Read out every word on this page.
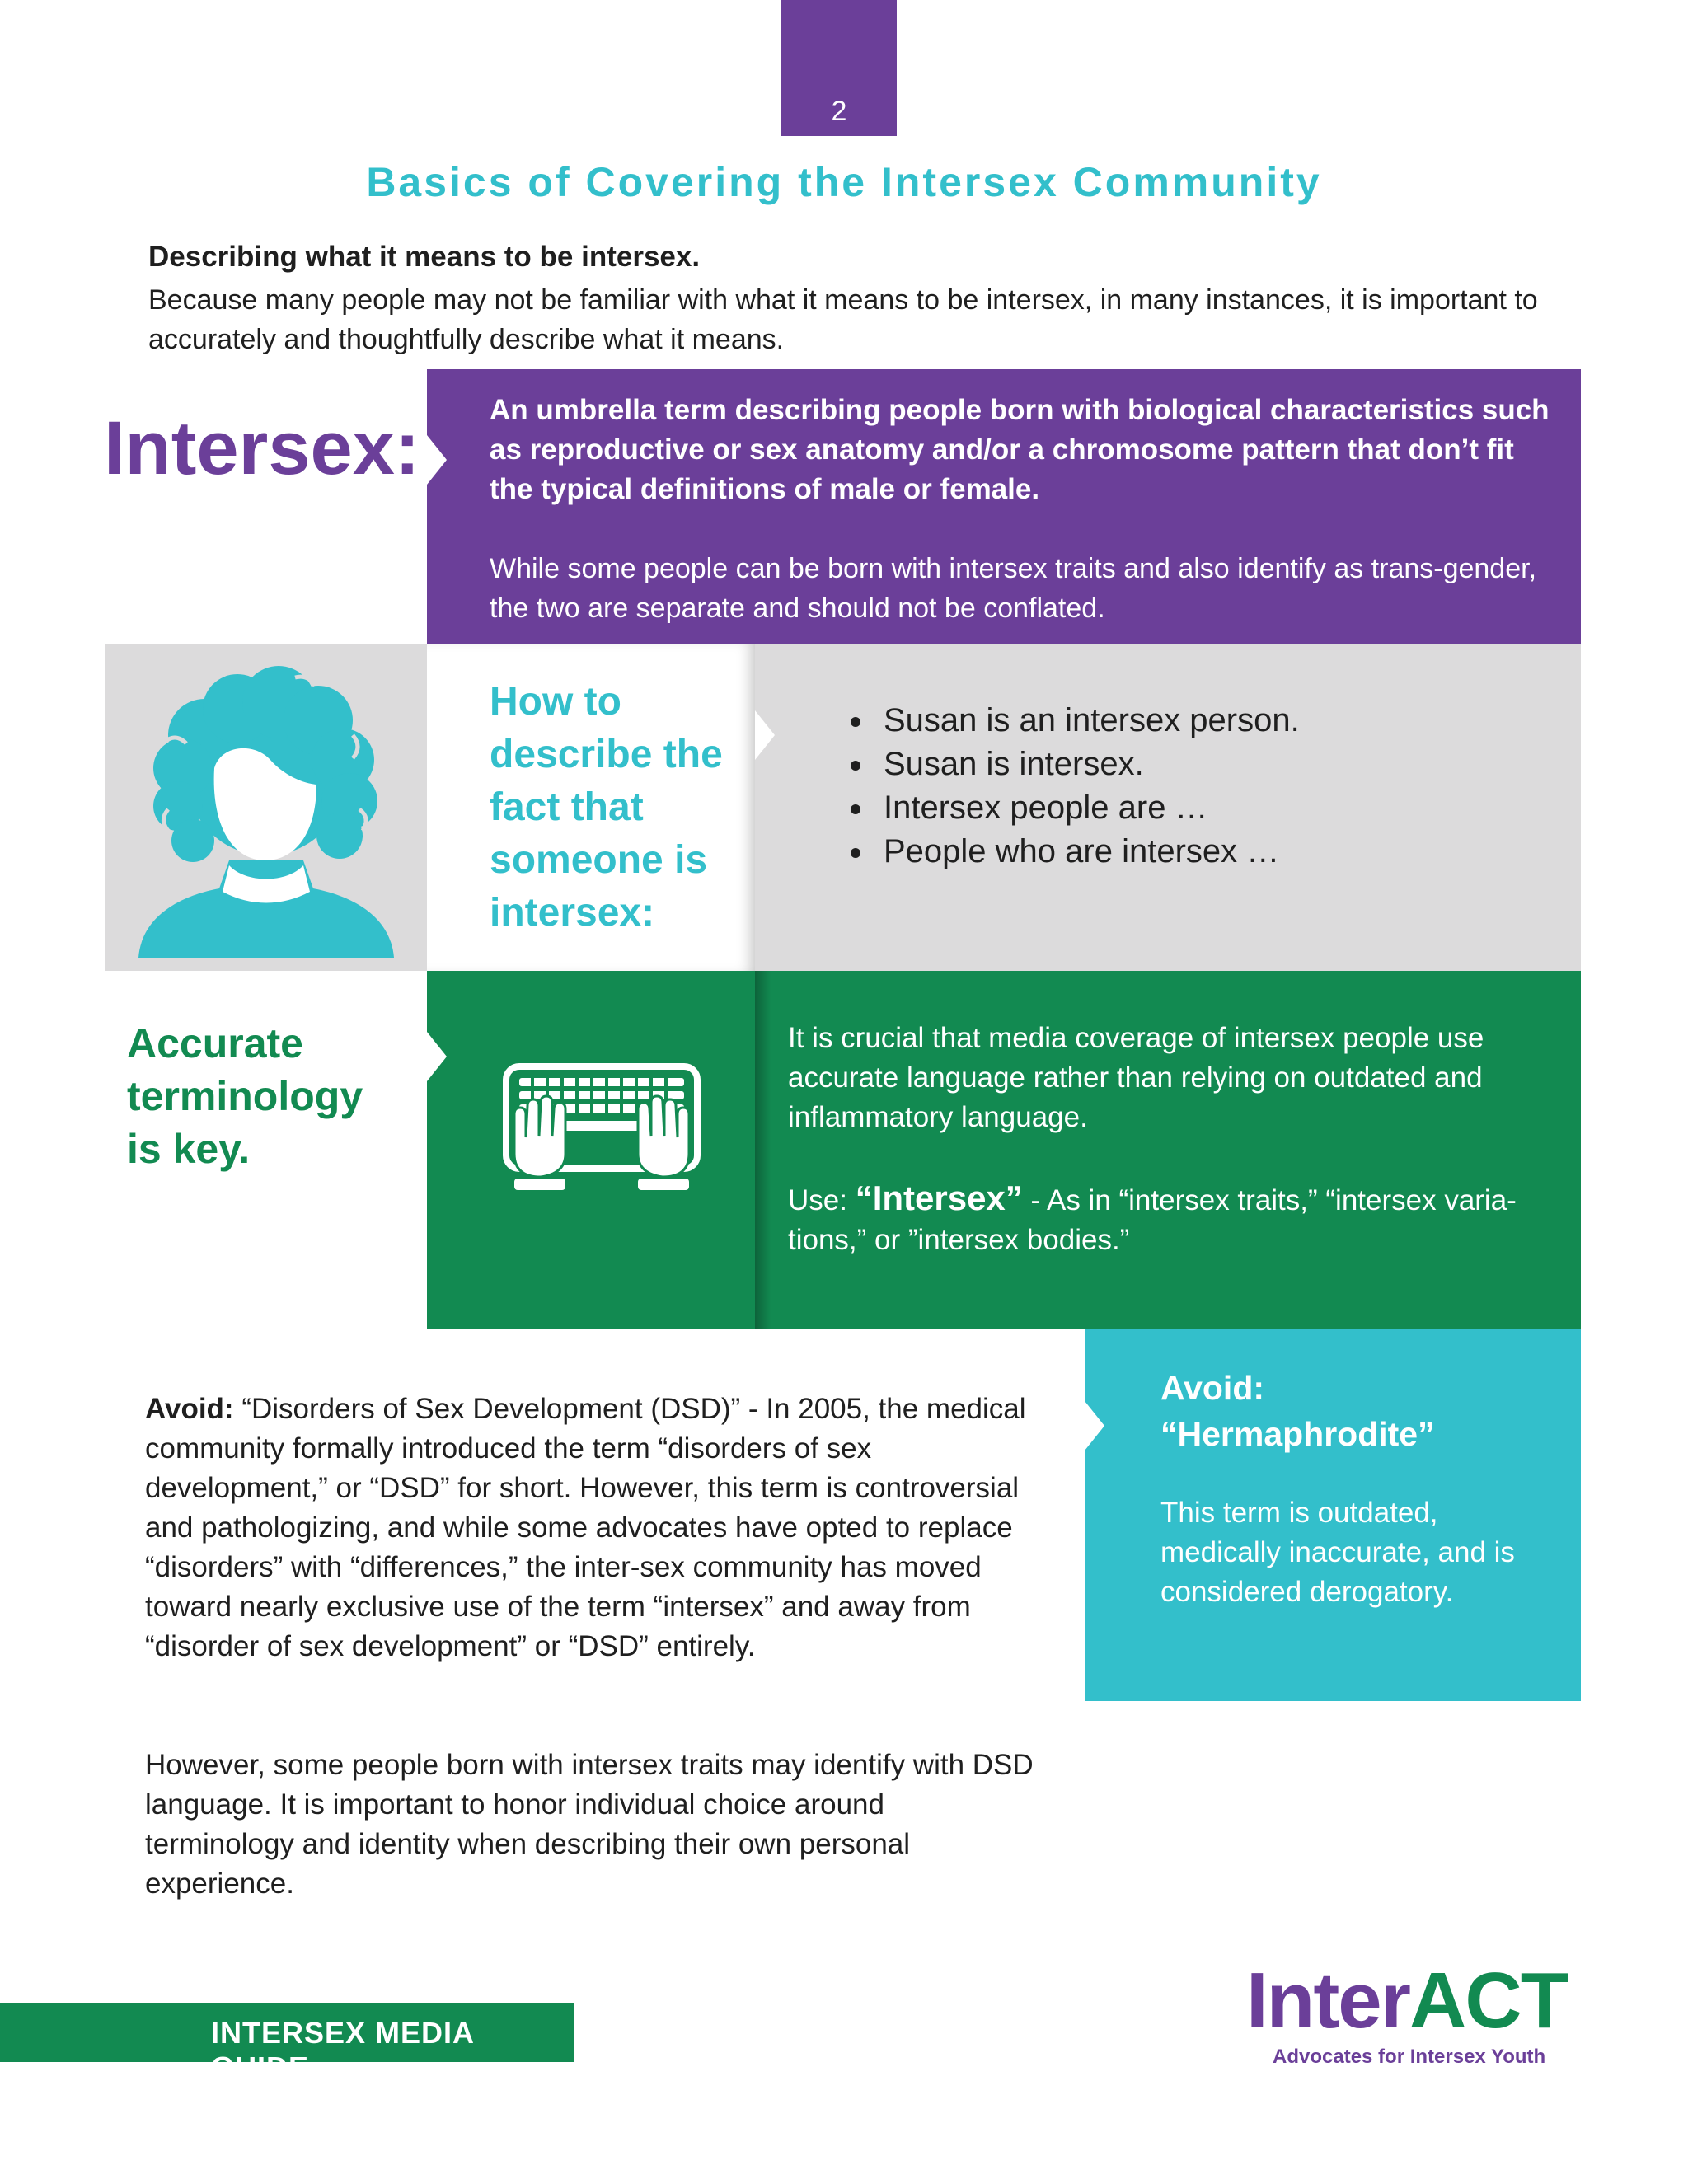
2
Basics of Covering the Intersex Community
Describing what it means to be intersex.
Because many people may not be familiar with what it means to be intersex, in many instances, it is important to accurately and thoughtfully describe what it means.
Intersex: An umbrella term describing people born with biological characteristics such as reproductive or sex anatomy and/or a chromosome pattern that don’t fit the typical definitions of male or female.
While some people can be born with intersex traits and also identify as trans-gender, the two are separate and should not be conflated.
How to describe the fact that someone is intersex:
• Susan is an intersex person.
• Susan is intersex.
• Intersex people are …
• People who are intersex …
Accurate terminology is key.
It is crucial that media coverage of intersex people use accurate language rather than relying on outdated and inflammatory language.
Use: “Intersex” - As in “intersex traits,” “intersex varia-tions,” or ”intersex bodies.”
Avoid:
“Hermaphrodite”
This term is outdated, medically inaccurate, and is considered derogatory.
Avoid: “Disorders of Sex Development (DSD)” - In 2005, the medical community formally introduced the term “disorders of sex development,” or “DSD” for short. However, this term is controversial and pathologizing, and while some advocates have opted to replace “disorders” with “differences,” the inter-sex community has moved toward nearly exclusive use of the term “intersex” and away from “disorder of sex development” or “DSD” entirely.
However, some people born with intersex traits may identify with DSD language. It is important to honor individual choice around terminology and identity when describing their own personal experience.
INTERSEX MEDIA GUIDE
InterACT
Advocates for Intersex Youth
